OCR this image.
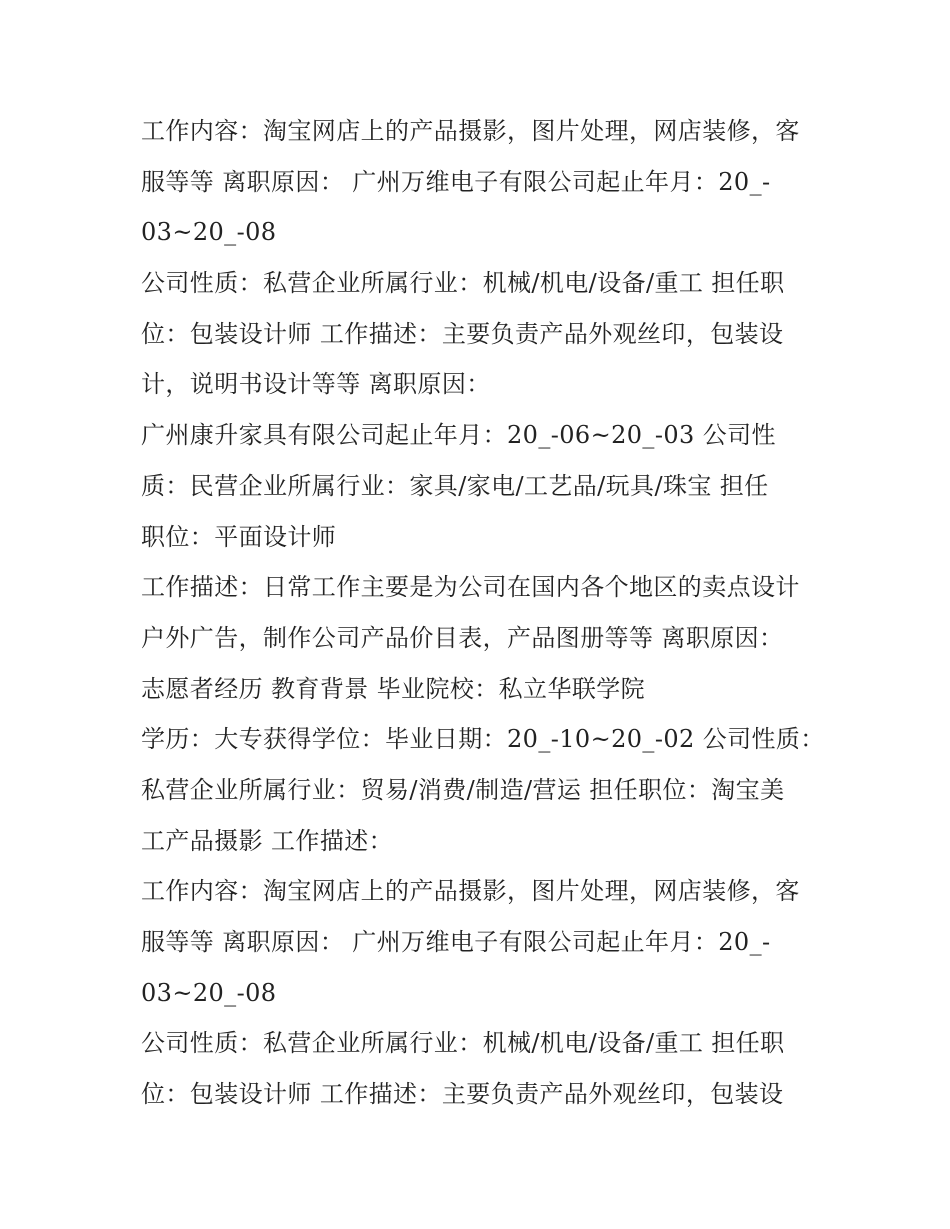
工作内容：淘宝网店上的产品摄影，图片处理，网店装修，客

服等等 离职原因： 广州万维电子有限公司起止年月：20_-

03~20_-08

公司性质：私营企业所属行业：机械/机电/设备/重工 担任职

位：包装设计师 工作描述：主要负责产品外观丝印，包装设

计，说明书设计等等 离职原因：

广州康升家具有限公司起止年月：20_-06~20_-03 公司性

质：民营企业所属行业：家具/家电/工艺品/玩具/珠宝 担任

职位：平面设计师

工作描述：日常工作主要是为公司在国内各个地区的卖点设计

户外广告，制作公司产品价目表，产品图册等等 离职原因：

志愿者经历 教育背景 毕业院校：私立华联学院

学历：大专获得学位：毕业日期：20_-10~20_-02 公司性质：

私营企业所属行业：贸易/消费/制造/营运 担任职位：淘宝美

工产品摄影 工作描述：

工作内容：淘宝网店上的产品摄影，图片处理，网店装修，客

服等等 离职原因： 广州万维电子有限公司起止年月：20_-

03~20_-08

公司性质：私营企业所属行业：机械/机电/设备/重工 担任职

位：包装设计师 工作描述：主要负责产品外观丝印，包装设
